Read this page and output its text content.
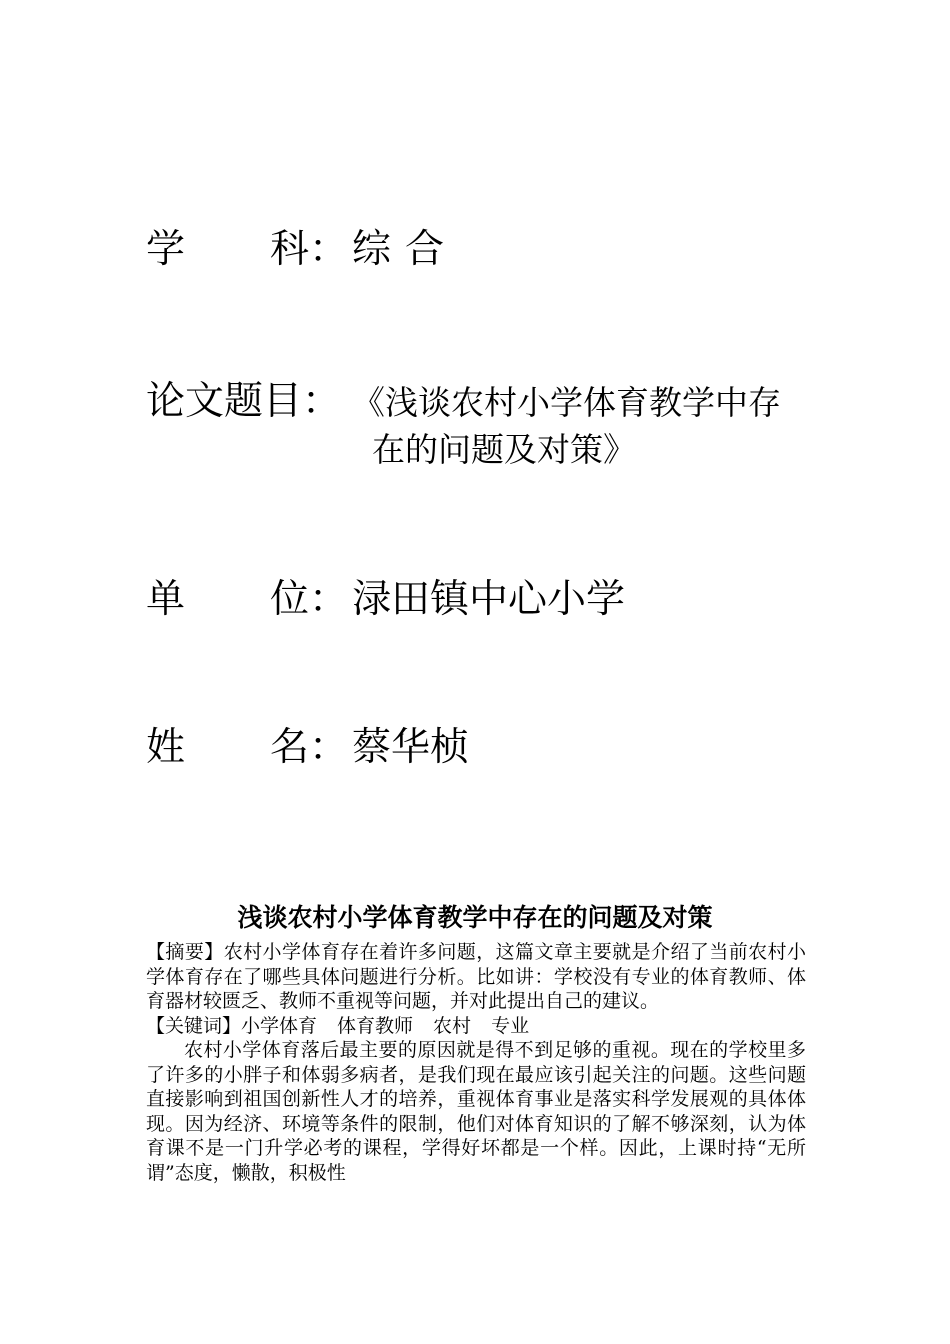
学 科： 综合
论文题目： 《浅谈农村小学体育教学中存
在的问题及对策》
单 位： 渌田镇中心小学
姓 名： 蔡华桢
浅谈农村小学体育教学中存在的问题及对策

【摘要】农村小学体育存在着许多问题，这篇文章主要就是介绍了当前农村小学体育存在了哪些具体问题进行分析。比如讲：学校没有专业的体育教师、体育器材较匮乏、教师不重视等问题，并对此提出自己的建议。

【关键词】小学体育 体育教师 农村 专业

农村小学体育落后最主要的原因就是得不到足够的重视。现在的学校里多了许多的小胖子和体弱多病者，是我们现在最应该引起关注的问题。这些问题直接影响到祖国创新性人才的培养，重视体育事业是落实科学发展观的具体体现。因为经济、环境等条件的限制，他们对体育知识的了解不够深刻，认为体育课不是一门升学必考的课程，学得好坏都是一个样。因此，上课时持“无所谓”态度，懒散，积极性
